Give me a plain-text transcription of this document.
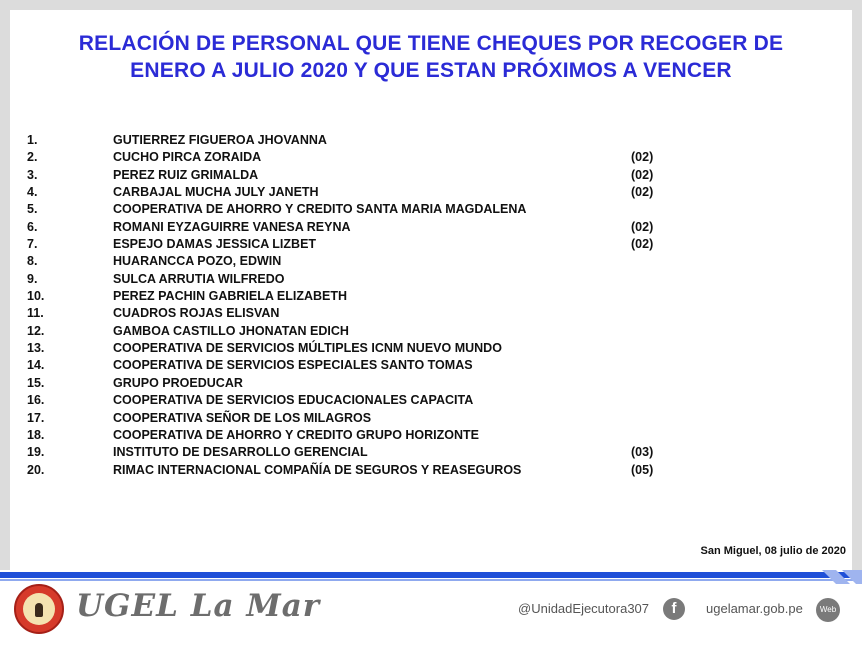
RELACIÓN DE PERSONAL QUE TIENE CHEQUES POR RECOGER DE
ENERO A JULIO 2020 Y QUE ESTAN PRÓXIMOS A VENCER
1.	GUTIERREZ FIGUEROA JHOVANNA
2.	CUCHO PIRCA ZORAIDA	(02)
3.	PEREZ RUIZ GRIMALDA	(02)
4.	CARBAJAL MUCHA JULY JANETH	(02)
5.	COOPERATIVA DE AHORRO Y CREDITO SANTA MARIA MAGDALENA
6.	ROMANI EYZAGUIRRE VANESA REYNA	(02)
7.	ESPEJO DAMAS JESSICA LIZBET	(02)
8.	HUARANCCA POZO, EDWIN
9.	SULCA ARRUTIA WILFREDO
10.	PEREZ PACHIN GABRIELA ELIZABETH
11.	CUADROS ROJAS ELISVAN
12.	GAMBOA CASTILLO JHONATAN EDICH
13.	COOPERATIVA DE SERVICIOS MÚLTIPLES ICNM NUEVO MUNDO
14.	COOPERATIVA DE SERVICIOS ESPECIALES SANTO TOMAS
15.	GRUPO PROEDUCAR
16.	COOPERATIVA DE SERVICIOS EDUCACIONALES CAPACITA
17.	COOPERATIVA SEÑOR DE LOS MILAGROS
18.	COOPERATIVA DE AHORRO Y CREDITO GRUPO HORIZONTE
19.	INSTITUTO DE DESARROLLO GERENCIAL	(03)
20.	RIMAC INTERNACIONAL COMPAÑÍA DE SEGUROS Y REASEGUROS	(05)
San Miguel, 08 julio de 2020
UGEL La Mar	@UnidadEjecutora307	f	ugelamar.gob.pe	Web
